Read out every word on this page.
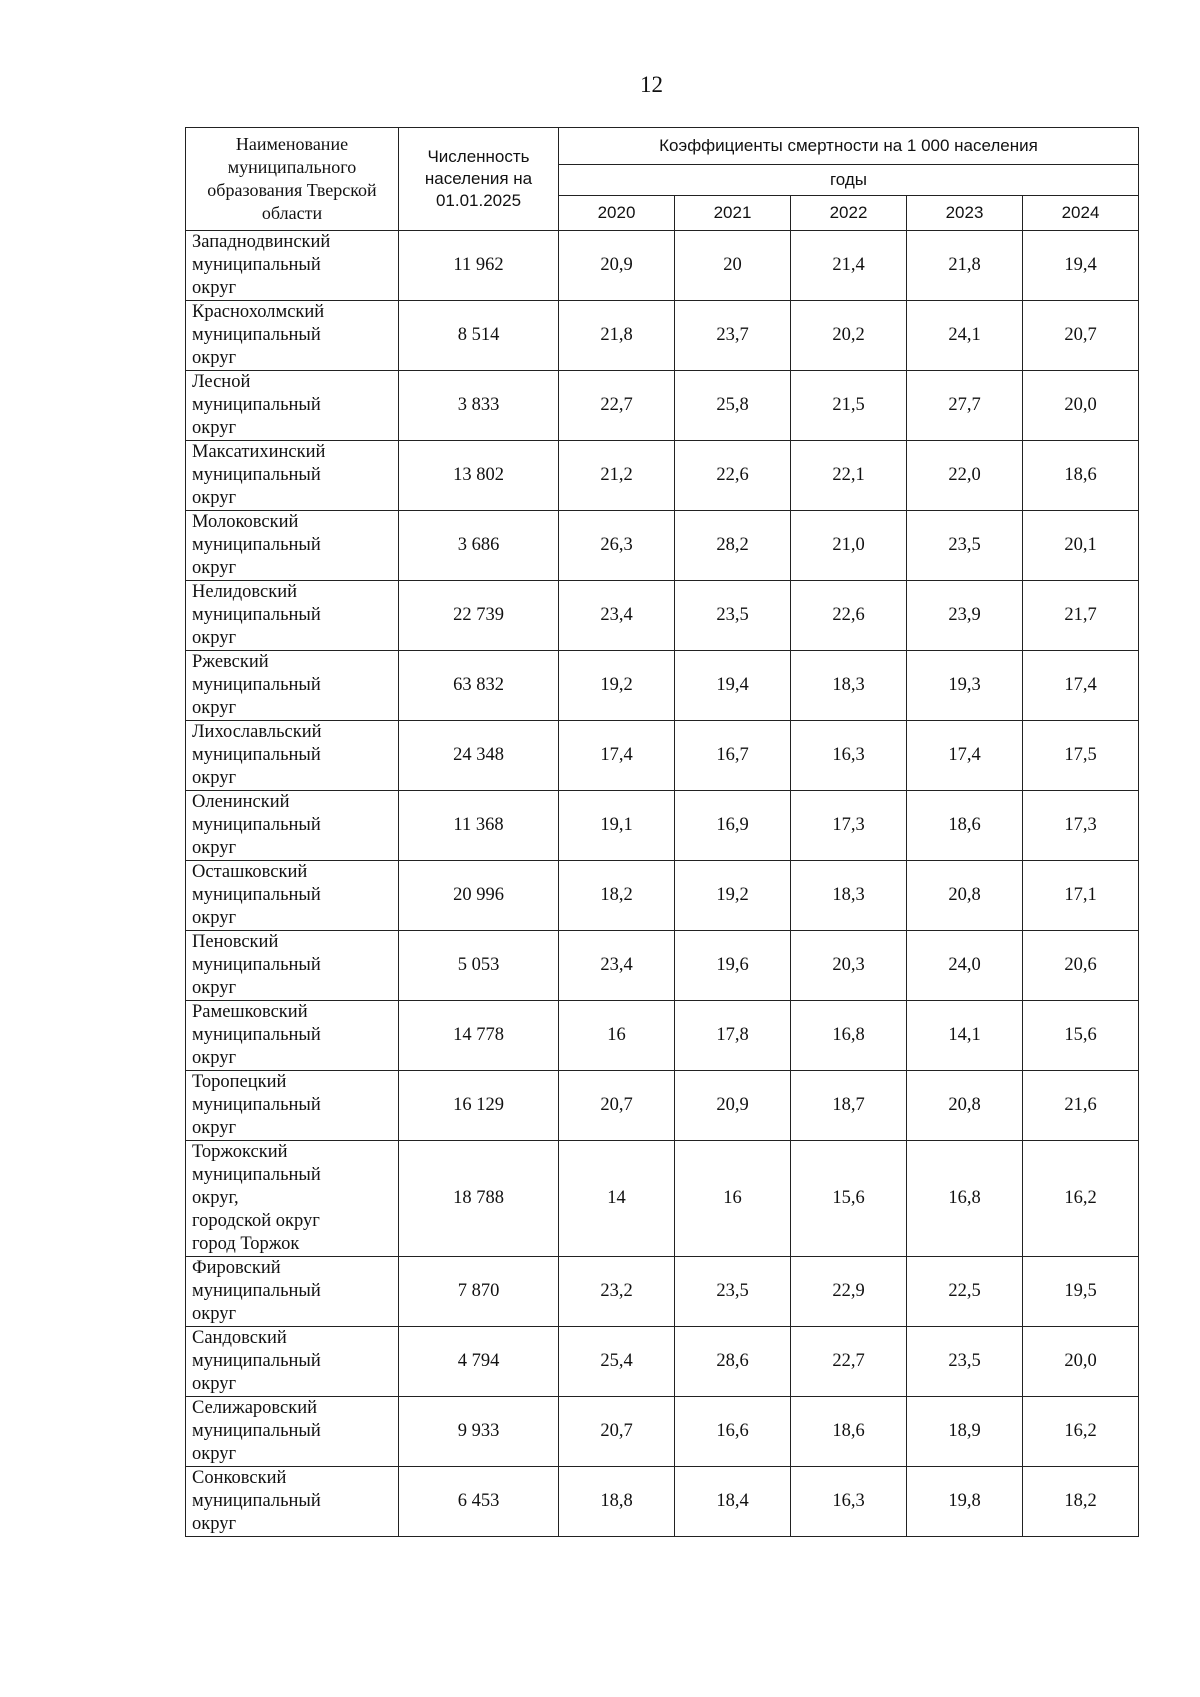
12
Наименование муниципального образования Тверской области	Численность населения на 01.01.2025	Коэффициенты смертности на 1 000 населения				
		годы				
		2020	2021	2022	2023	2024

Западнодвинский
муниципальный
округ	11 962	20,9	20	21,4	21,8	19,4

Краснохолмский
муниципальный
округ	8 514	21,8	23,7	20,2	24,1	20,7

Лесной
муниципальный
округ	3 833	22,7	25,8	21,5	27,7	20,0

Максатихинский
муниципальный
округ	13 802	21,2	22,6	22,1	22,0	18,6

Молоковский
муниципальный
округ	3 686	26,3	28,2	21,0	23,5	20,1

Нелидовский
муниципальный
округ	22 739	23,4	23,5	22,6	23,9	21,7

Ржевский
муниципальный
округ	63 832	19,2	19,4	18,3	19,3	17,4

Лихославльский
муниципальный
округ	24 348	17,4	16,7	16,3	17,4	17,5

Оленинский
муниципальный
округ	11 368	19,1	16,9	17,3	18,6	17,3

Осташковский
муниципальный
округ	20 996	18,2	19,2	18,3	20,8	17,1

Пеновский
муниципальный
округ	5 053	23,4	19,6	20,3	24,0	20,6

Рамешковский
муниципальный
округ	14 778	16	17,8	16,8	14,1	15,6

Торопецкий
муниципальный
округ	16 129	20,7	20,9	18,7	20,8	21,6

Торжокский
муниципальный
округ,
городской округ
город Торжок	18 788	14	16	15,6	16,8	16,2

Фировский
муниципальный
округ	7 870	23,2	23,5	22,9	22,5	19,5

Сандовский
муниципальный
округ	4 794	25,4	28,6	22,7	23,5	20,0

Селижаровский
муниципальный
округ	9 933	20,7	16,6	18,6	18,9	16,2

Сонковский
муниципальный
округ	6 453	18,8	18,4	16,3	19,8	18,2
